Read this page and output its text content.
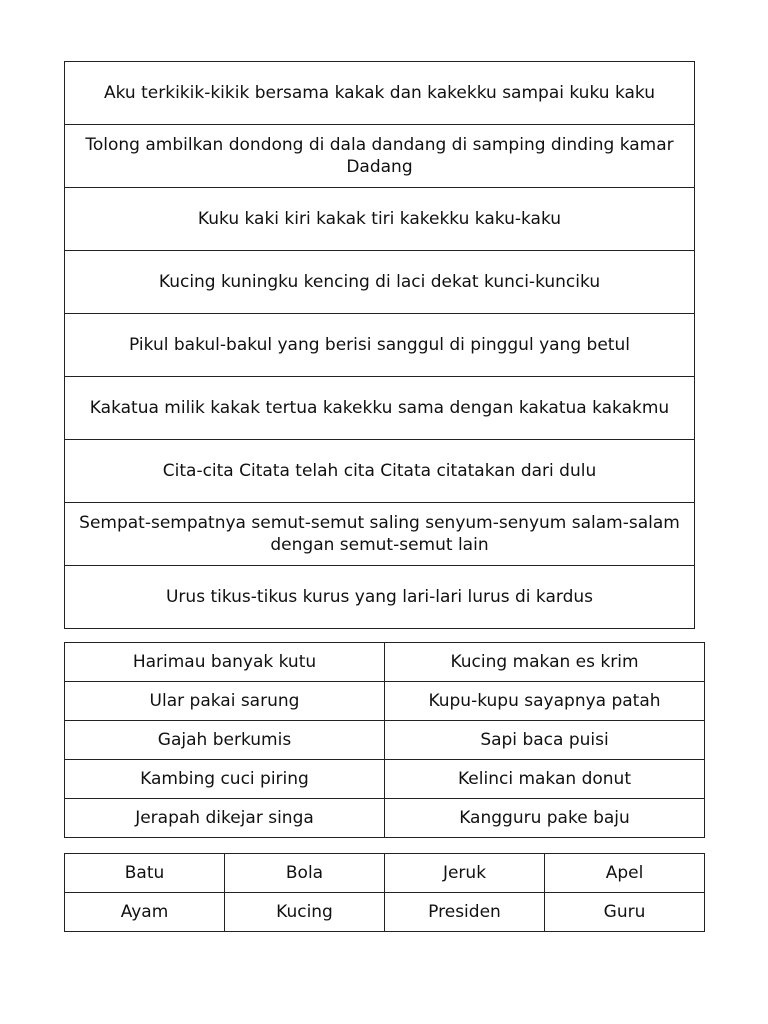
Aku terkikik-kikik bersama kakak dan kakekku sampai kuku kaku
Tolong ambilkan dondong di dala dandang di samping dinding kamar Dadang
Kuku kaki kiri kakak tiri kakekku kaku-kaku
Kucing kuningku kencing di laci dekat kunci-kunciku
Pikul bakul-bakul yang berisi sanggul di pinggul yang betul
Kakatua milik kakak tertua kakekku sama dengan kakatua kakakmu
Cita-cita Citata telah cita Citata citatakan dari dulu
Sempat-sempatnya semut-semut saling senyum-senyum salam-salam dengan semut-semut lain
Urus tikus-tikus kurus yang lari-lari lurus di kardus
Harimau banyak kutu	Kucing makan es krim
Ular pakai sarung	Kupu-kupu sayapnya patah
Gajah berkumis	Sapi baca puisi
Kambing cuci piring	Kelinci makan donut
Jerapah dikejar singa	Kangguru pake baju
Batu	Bola	Jeruk	Apel
Ayam	Kucing	Presiden	Guru
